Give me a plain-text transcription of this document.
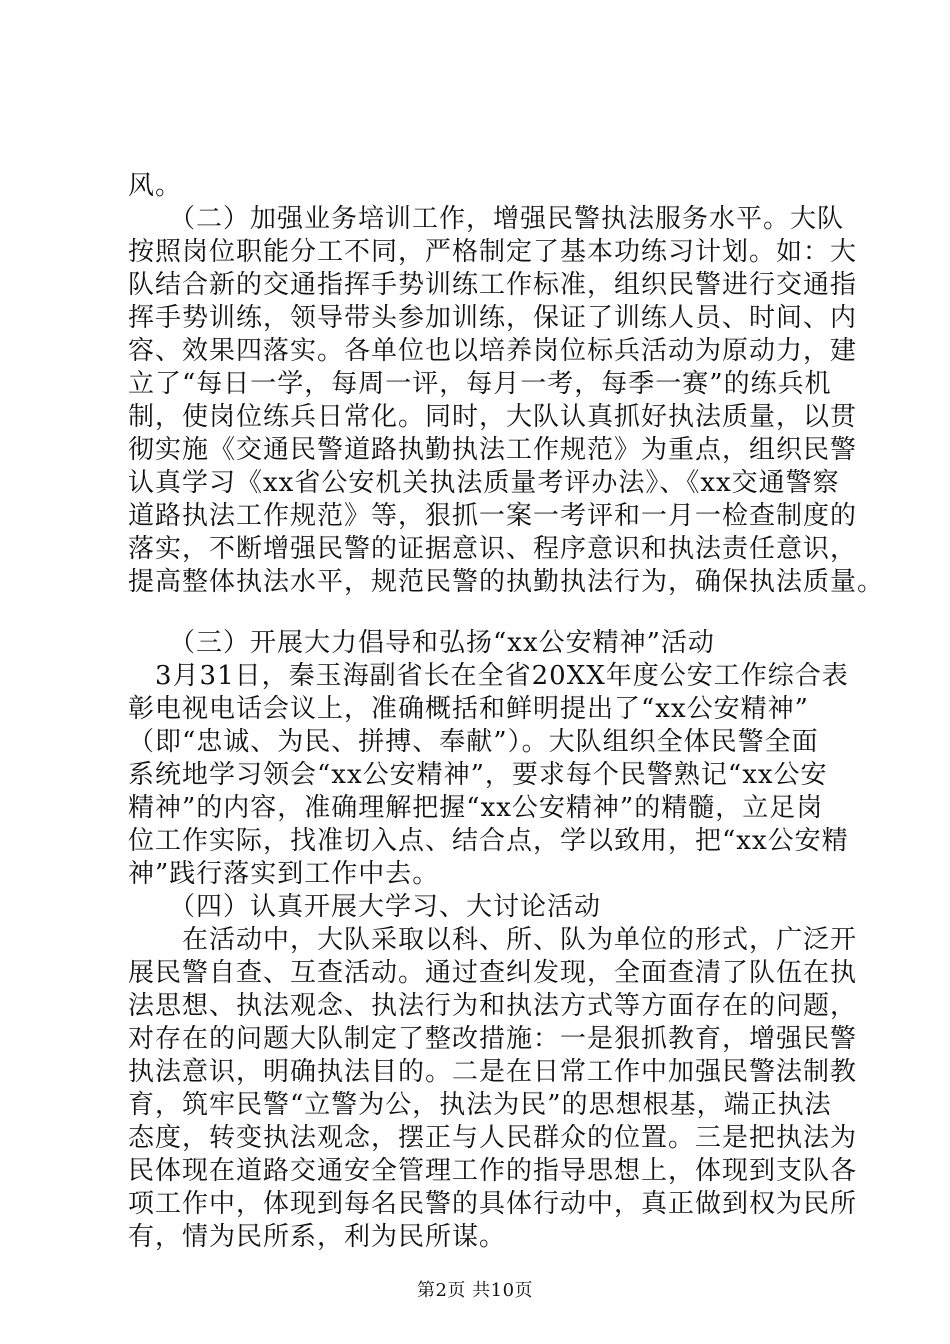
风。
　　（二）加强业务培训工作，增强民警执法服务水平。大队
按照岗位职能分工不同，严格制定了基本功练习计划。如：大
队结合新的交通指挥手势训练工作标准，组织民警进行交通指
挥手势训练，领导带头参加训练，保证了训练人员、时间、内
容、效果四落实。各单位也以培养岗位标兵活动为原动力，建
立了“每日一学，每周一评，每月一考，每季一赛”的练兵机
制，使岗位练兵日常化。同时，大队认真抓好执法质量，以贯
彻实施《交通民警道路执勤执法工作规范》为重点，组织民警
认真学习《xx省公安机关执法质量考评办法》、《xx交通警察
道路执法工作规范》等，狠抓一案一考评和一月一检查制度的
落实，不断增强民警的证据意识、程序意识和执法责任意识，
提高整体执法水平，规范民警的执勤执法行为，确保执法质量。
　　（三）开展大力倡导和弘扬“xx公安精神”活动
　3月31日，秦玉海副省长在全省20XX年度公安工作综合表
彰电视电话会议上，准确概括和鲜明提出了“xx公安精神”
（即“忠诚、为民、拼搏、奉献”）。大队组织全体民警全面
系统地学习领会“xx公安精神”，要求每个民警熟记“xx公安
精神”的内容，准确理解把握“xx公安精神”的精髓，立足岗
位工作实际，找准切入点、结合点，学以致用，把“xx公安精
神”践行落实到工作中去。
　　（四）认真开展大学习、大讨论活动
　　在活动中，大队采取以科、所、队为单位的形式，广泛开
展民警自查、互查活动。通过查纠发现，全面查清了队伍在执
法思想、执法观念、执法行为和执法方式等方面存在的问题，
对存在的问题大队制定了整改措施：一是狠抓教育，增强民警
执法意识，明确执法目的。二是在日常工作中加强民警法制教
育，筑牢民警“立警为公，执法为民”的思想根基，端正执法
态度，转变执法观念，摆正与人民群众的位置。三是把执法为
民体现在道路交通安全管理工作的指导思想上，体现到支队各
项工作中，体现到每名民警的具体行动中，真正做到权为民所
有，情为民所系，利为民所谋。
第2页 共10页
